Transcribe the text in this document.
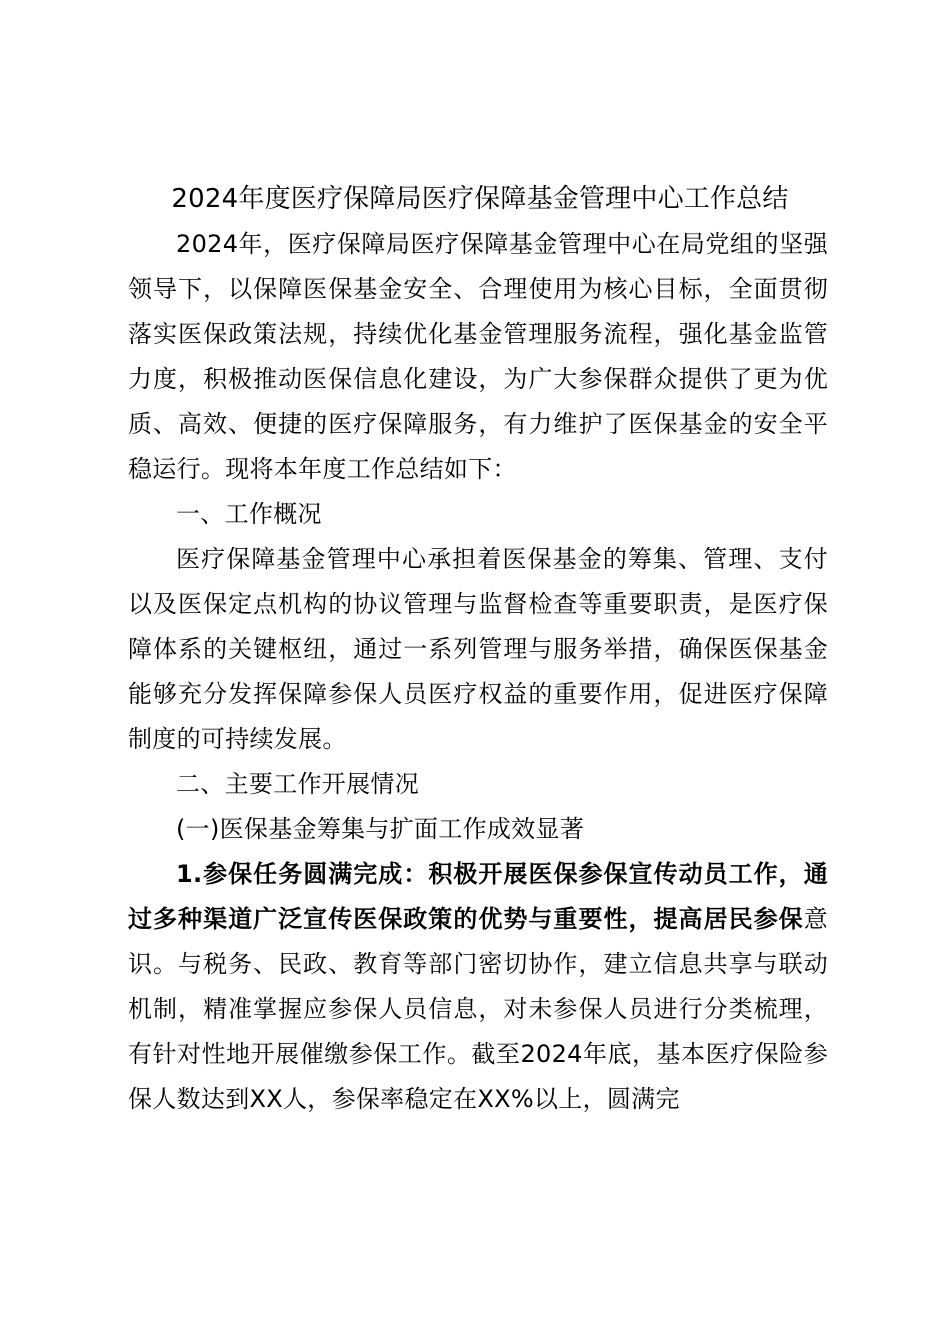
2024年度医疗保障局医疗保障基金管理中心工作总结

2024年，医疗保障局医疗保障基金管理中心在局党组的坚强领导下，以保障医保基金安全、合理使用为核心目标，全面贯彻落实医保政策法规，持续优化基金管理服务流程，强化基金监管力度，积极推动医保信息化建设，为广大参保群众提供了更为优质、高效、便捷的医疗保障服务，有力维护了医保基金的安全平稳运行。现将本年度工作总结如下：

一、工作概况

医疗保障基金管理中心承担着医保基金的筹集、管理、支付以及医保定点机构的协议管理与监督检查等重要职责，是医疗保障体系的关键枢纽，通过一系列管理与服务举措，确保医保基金能够充分发挥保障参保人员医疗权益的重要作用，促进医疗保障制度的可持续发展。

二、主要工作开展情况

(一)医保基金筹集与扩面工作成效显著

1.参保任务圆满完成：积极开展医保参保宣传动员工作，通过多种渠道广泛宣传医保政策的优势与重要性，提高居民参保意识。与税务、民政、教育等部门密切协作，建立信息共享与联动机制，精准掌握应参保人员信息，对未参保人员进行分类梳理，有针对性地开展催缴参保工作。截至2024年底，基本医疗保险参保人数达到XX人，参保率稳定在XX%以上，圆满完
